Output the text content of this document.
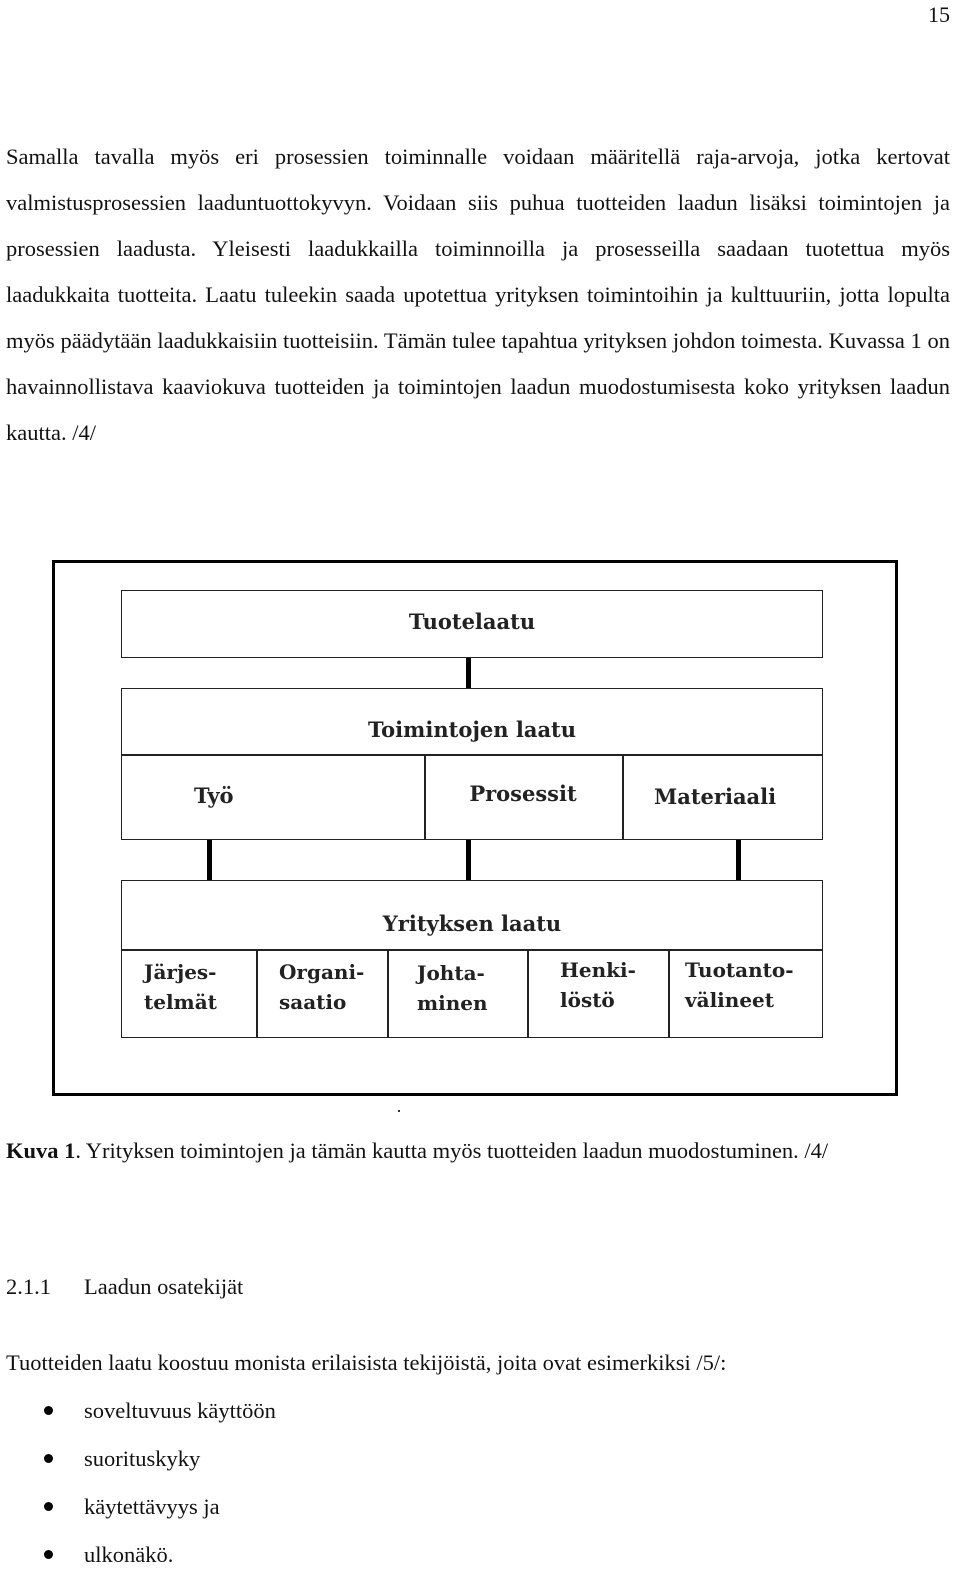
15

Samalla tavalla myös eri prosessien toiminnalle voidaan määritellä raja-arvoja, jotka kertovat valmistusprosessien laaduntuottokyvyn. Voidaan siis puhua tuotteiden laadun lisäksi toimintojen ja prosessien laadusta. Yleisesti laadukkailla toiminnoilla ja prosesseilla saadaan tuotettua myös laadukkaita tuotteita. Laatu tuleekin saada upotettua yrityksen toimintoihin ja kulttuuriin, jotta lopulta myös päädytään laadukkaisiin tuotteisiin. Tämän tulee tapahtua yrityksen johdon toimesta. Kuvassa 1 on havainnollistava kaaviokuva tuotteiden ja toimintojen laadun muodostumisesta koko yrityksen laadun kautta. /4/

Tuotelaatu
Toimintojen laatu
Työ	Prosessit	Materiaali
Yrityksen laatu
Järjes-
telmät
Organi-
saatio
Johta-
minen
Henki-
löstö
Tuotanto-
välineet

Kuva 1. Yrityksen toimintojen ja tämän kautta myös tuotteiden laadun muodostuminen. /4/

2.1.1 Laadun osatekijät

Tuotteiden laatu koostuu monista erilaisista tekijöistä, joita ovat esimerkiksi /5/:

soveltuvuus käyttöön
suorituskyky
käytettävyys ja
ulkonäkö.
